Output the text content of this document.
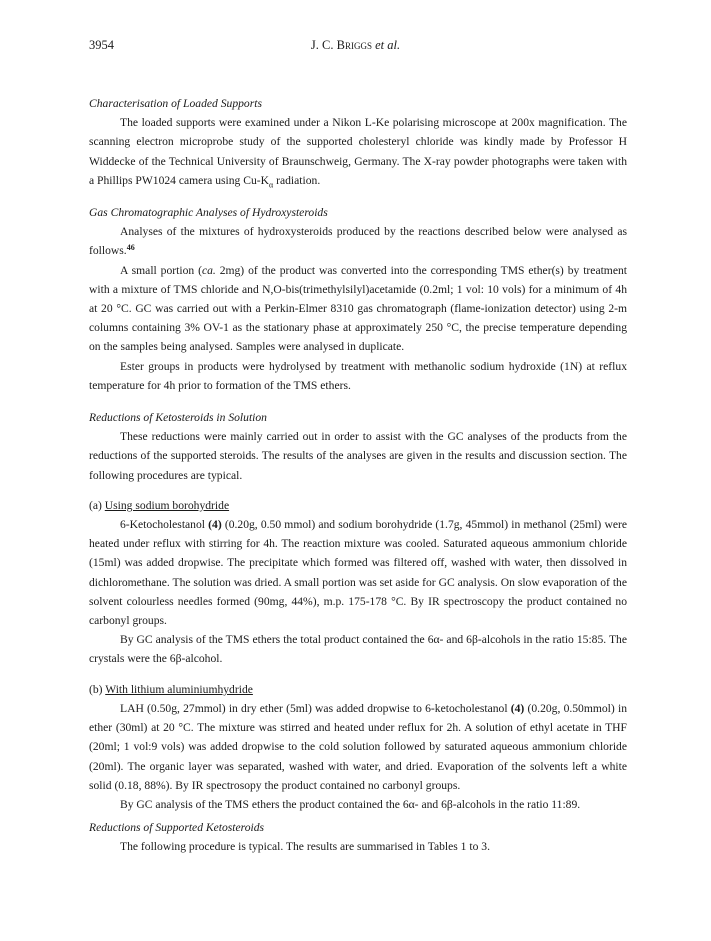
3954	J. C. Briggs et al.

Characterisation of Loaded Supports

The loaded supports were examined under a Nikon L-Ke polarising microscope at 200x magnification. The scanning electron microprobe study of the supported cholesteryl chloride was kindly made by Professor H Widdecke of the Technical University of Braunschweig, Germany. The X-ray powder photographs were taken with a Phillips PW1024 camera using $Cu-K_\alpha$ radiation.

Gas Chromatographic Analyses of Hydroxysteroids

Analyses of the mixtures of hydroxysteroids produced by the reactions described below were analysed as follows.$^{46}$

A small portion (ca. 2mg) of the product was converted into the corresponding TMS ether(s) by treatment with a mixture of TMS chloride and N,O-bis(trimethylsilyl)acetamide (0.2ml; 1 vol: 10 vols) for a minimum of 4h at 20 °C. GC was carried out with a Perkin-Elmer 8310 gas chromatograph (flame-ionization detector) using 2-m columns containing 3% OV-1 as the stationary phase at approximately 250 °C, the precise temperature depending on the samples being analysed. Samples were analysed in duplicate.

Ester groups in products were hydrolysed by treatment with methanolic sodium hydroxide (1N) at reflux temperature for 4h prior to formation of the TMS ethers.

Reductions of Ketosteroids in Solution

These reductions were mainly carried out in order to assist with the GC analyses of the products from the reductions of the supported steroids. The results of the analyses are given in the results and discussion section. The following procedures are typical.

(a) Using sodium borohydride

6-Ketocholestanol (4) (0.20g, 0.50 mmol) and sodium borohydride (1.7g, 45mmol) in methanol (25ml) were heated under reflux with stirring for 4h. The reaction mixture was cooled. Saturated aqueous ammonium chloride (15ml) was added dropwise. The precipitate which formed was filtered off, washed with water, then dissolved in dichloromethane. The solution was dried. A small portion was set aside for GC analysis. On slow evaporation of the solvent colourless needles formed (90mg, 44%), m.p. 175-178 °C. By IR spectroscopy the product contained no carbonyl groups.

By GC analysis of the TMS ethers the total product contained the 6α- and 6β-alcohols in the ratio 15:85. The crystals were the 6β-alcohol.

(b) With lithium aluminiumhydride

LAH (0.50g, 27mmol) in dry ether (5ml) was added dropwise to 6-ketocholestanol (4) (0.20g, 0.50mmol) in ether (30ml) at 20 °C. The mixture was stirred and heated under reflux for 2h. A solution of ethyl acetate in THF (20ml; 1 vol:9 vols) was added dropwise to the cold solution followed by saturated aqueous ammonium chloride (20ml). The organic layer was separated, washed with water, and dried. Evaporation of the solvents left a white solid (0.18, 88%). By IR spectrosopy the product contained no carbonyl groups.

By GC analysis of the TMS ethers the product contained the 6α- and 6β-alcohols in the ratio 11:89.

Reductions of Supported Ketosteroids

The following procedure is typical. The results are summarised in Tables 1 to 3.
